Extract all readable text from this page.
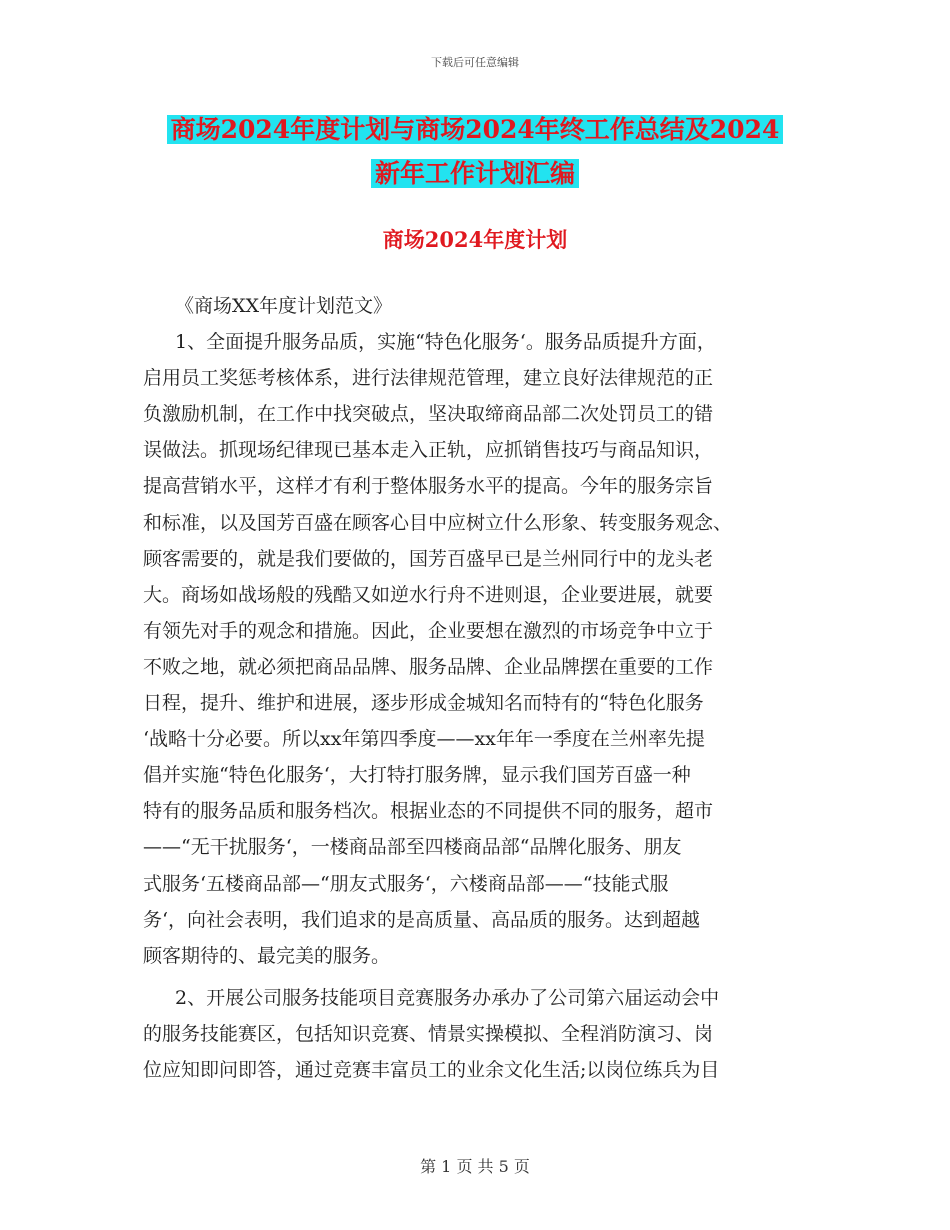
下载后可任意编辑
商场2024年度计划与商场2024年终工作总结及2024
新年工作计划汇编
商场2024年度计划
《商场XX年度计划范文》
1、全面提升服务品质，实施“特色化服务‘。服务品质提升方面，
启用员工奖惩考核体系，进行法律规范管理，建立良好法律规范的正
负激励机制，在工作中找突破点，坚决取缔商品部二次处罚员工的错
误做法。抓现场纪律现已基本走入正轨，应抓销售技巧与商品知识，
提高营销水平，这样才有利于整体服务水平的提高。今年的服务宗旨
和标准，以及国芳百盛在顾客心目中应树立什么形象、转变服务观念、
顾客需要的，就是我们要做的，国芳百盛早已是兰州同行中的龙头老
大。商场如战场般的残酷又如逆水行舟不进则退，企业要进展，就要
有领先对手的观念和措施。因此，企业要想在激烈的市场竞争中立于
不败之地，就必须把商品品牌、服务品牌、企业品牌摆在重要的工作
日程，提升、维护和进展，逐步形成金城知名而特有的“特色化服务
‘战略十分必要。所以xx年第四季度——xx年年一季度在兰州率先提
倡并实施“特色化服务‘，大打特打服务牌，显示我们国芳百盛一种
特有的服务品质和服务档次。根据业态的不同提供不同的服务，超市
——“无干扰服务‘，一楼商品部至四楼商品部“品牌化服务、朋友
式服务‘五楼商品部—“朋友式服务‘，六楼商品部——“技能式服
务‘，向社会表明，我们追求的是高质量、高品质的服务。达到超越
顾客期待的、最完美的服务。
2、开展公司服务技能项目竞赛服务办承办了公司第六届运动会中
的服务技能赛区，包括知识竞赛、情景实操模拟、全程消防演习、岗
位应知即问即答，通过竞赛丰富员工的业余文化生活;以岗位练兵为目
第 1 页 共 5 页
